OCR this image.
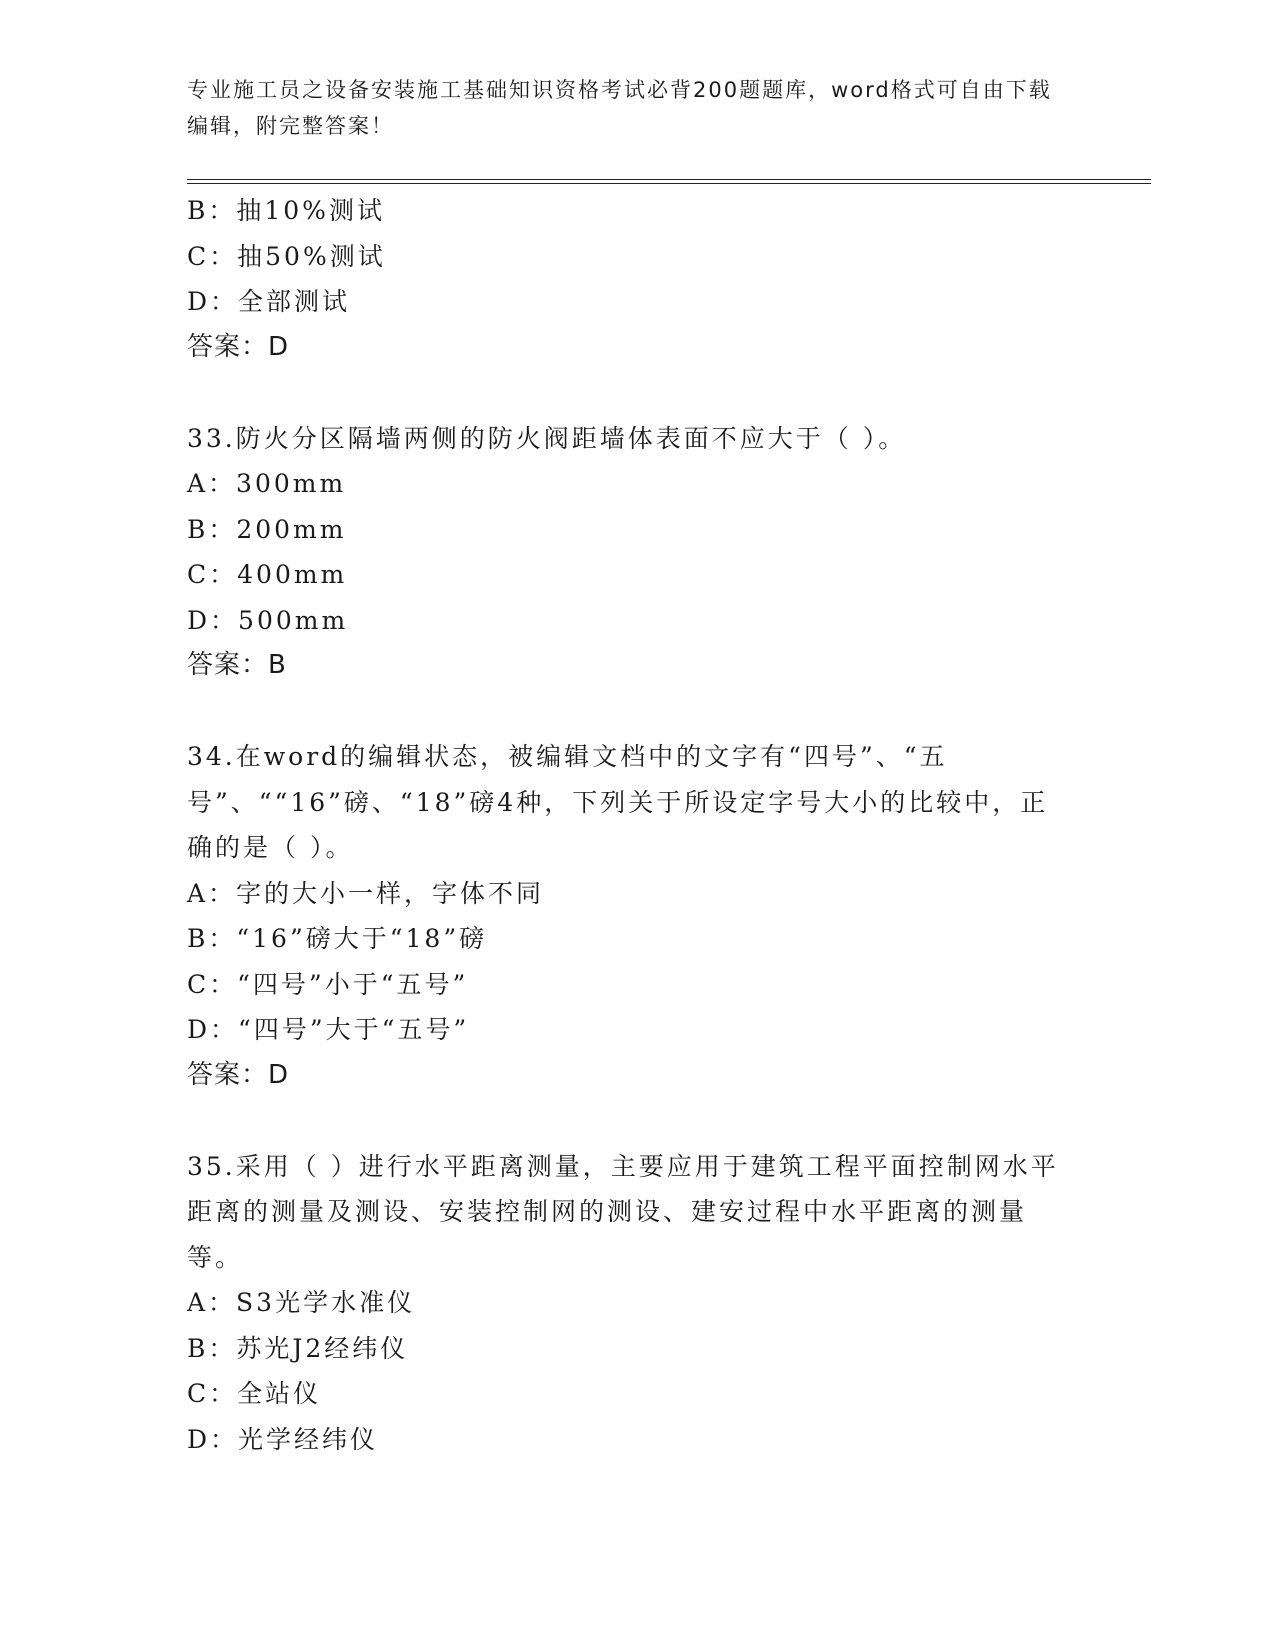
专业施工员之设备安装施工基础知识资格考试必背200题题库，word格式可自由下载编辑，附完整答案！
B：抽10%测试
C：抽50%测试
D：全部测试
答案：D
33.防火分区隔墙两侧的防火阀距墙体表面不应大于（ ）。
A：300mm
B：200mm
C：400mm
D：500mm
答案：B
34.在word的编辑状态，被编辑文档中的文字有“四号”、“五号”、““16”磅、“18”磅4种，下列关于所设定字号大小的比较中，正确的是（ ）。
A：字的大小一样，字体不同
B：“16”磅大于“18”磅
C：“四号”小于“五号”
D：“四号”大于“五号”
答案：D
35.采用（ ）进行水平距离测量，主要应用于建筑工程平面控制网水平距离的测量及测设、安装控制网的测设、建安过程中水平距离的测量等。
A：S3光学水准仪
B：苏光J2经纬仪
C：全站仪
D：光学经纬仪
